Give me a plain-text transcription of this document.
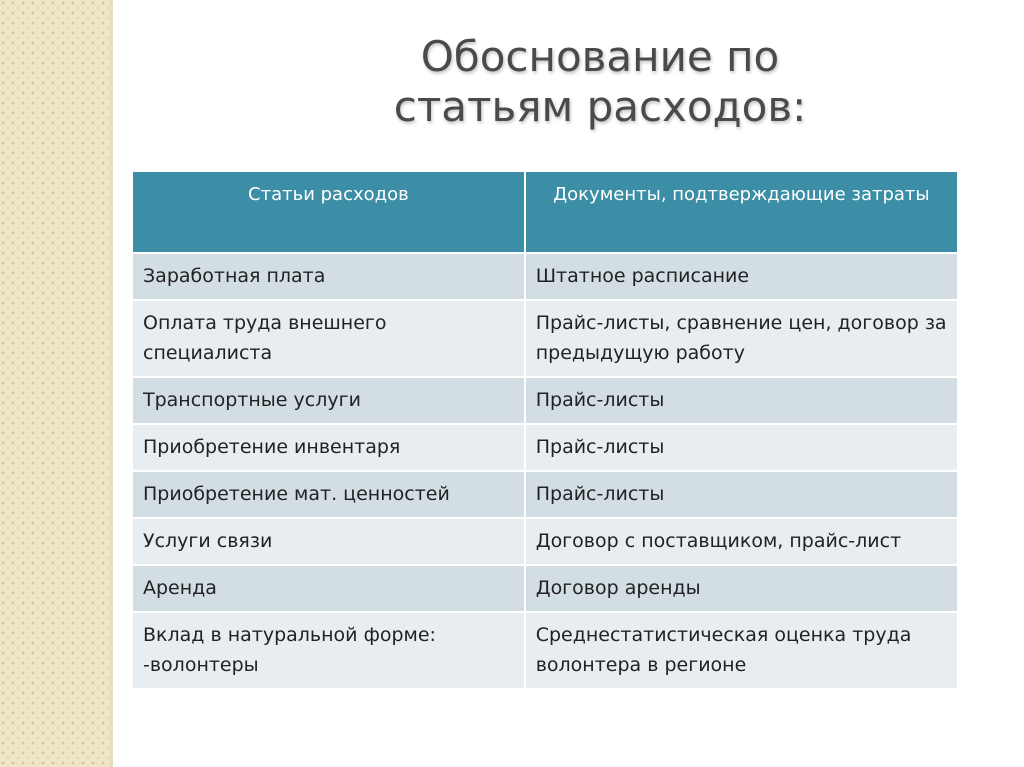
Обоснование по
статьям расходов:
Статьи расходов	Документы, подтверждающие затраты
Заработная плата	Штатное расписание
Оплата труда внешнего специалиста	Прайс-листы, сравнение цен, договор за предыдущую работу
Транспортные услуги	Прайс-листы
Приобретение инвентаря	Прайс-листы
Приобретение мат. ценностей	Прайс-листы
Услуги связи	Договор с поставщиком, прайс-лист
Аренда	Договор аренды
Вклад в натуральной форме: -волонтеры	Среднестатистическая оценка труда волонтера в регионе
